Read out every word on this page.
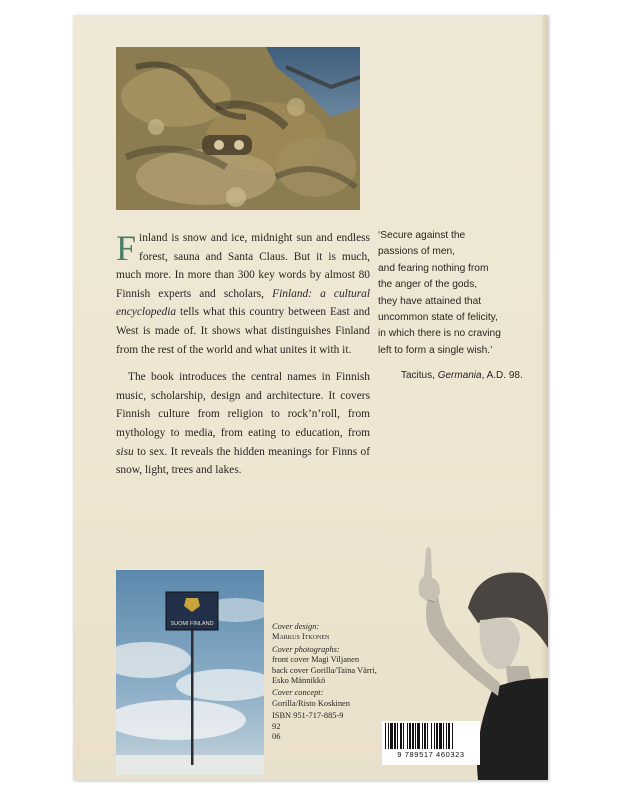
Finland is snow and ice, midnight sun and endless forest, sauna and Santa Claus. But it is much, much more. In more than 300 key words by almost 80 Finnish experts and scholars, Finland: a cultural encyclopedia tells what this country between East and West is made of. It shows what distinguishes Finland from the rest of the world and what unites it with it.

The book introduces the central names in Finnish music, scholarship, design and architecture. It covers Finnish culture from religion to rock’n’roll, from mythology to media, from eating to education, from sisu to sex. It reveals the hidden meanings for Finns of snow, light, trees and lakes.

‘Secure against the
passions of men,
and fearing nothing from
the anger of the gods,
they have attained that
uncommon state of felicity,
in which there is no craving
left to form a single wish.’
Tacitus, Germania, A.D. 98.
SUOMI FINLAND	Cover design:
Markus Itkonen
Cover photographs:
front cover Magi Viljanen
back cover Gorilla/Taina Värri,
Esko Männikkö
Cover concept:
Gorilla/Risto Koskinen
ISBN 951-717-885-9
92
06
9 789517 460323
